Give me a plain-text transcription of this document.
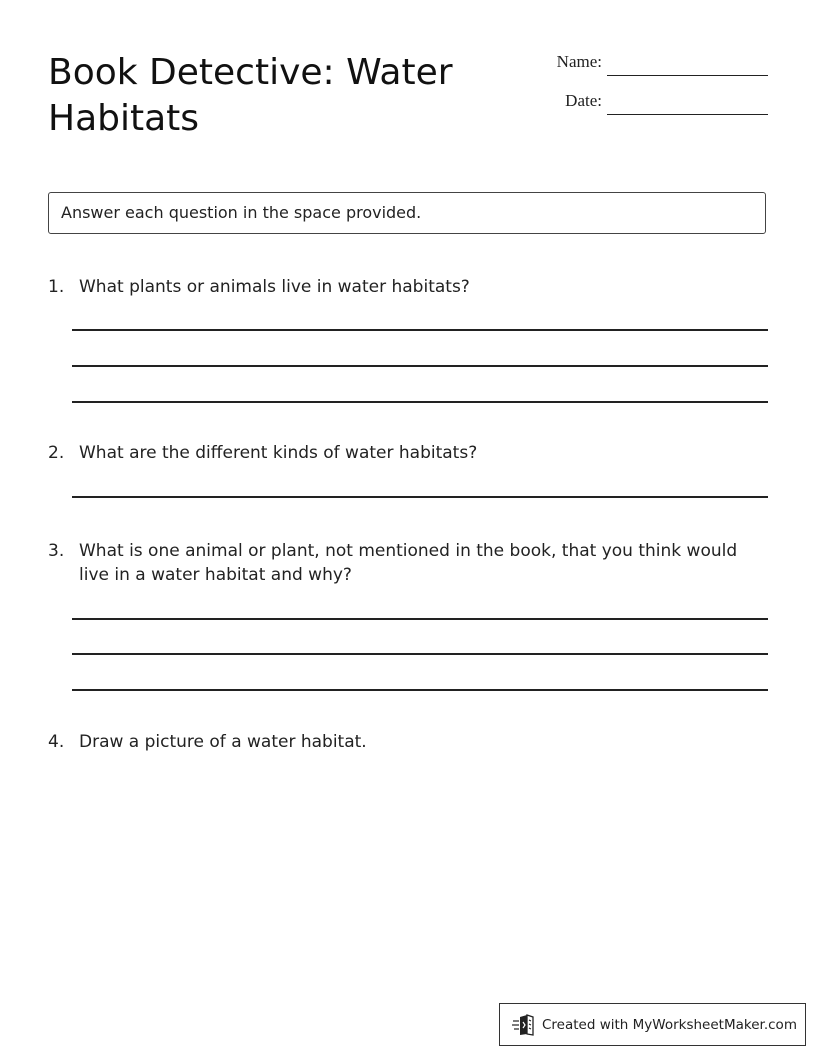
Book Detective: Water Habitats
Name:
Date:
Answer each question in the space provided.
1. What plants or animals live in water habitats?
2. What are the different kinds of water habitats?
3. What is one animal or plant, not mentioned in the book, that you think would live in a water habitat and why?
4. Draw a picture of a water habitat.
Created with MyWorksheetMaker.com
